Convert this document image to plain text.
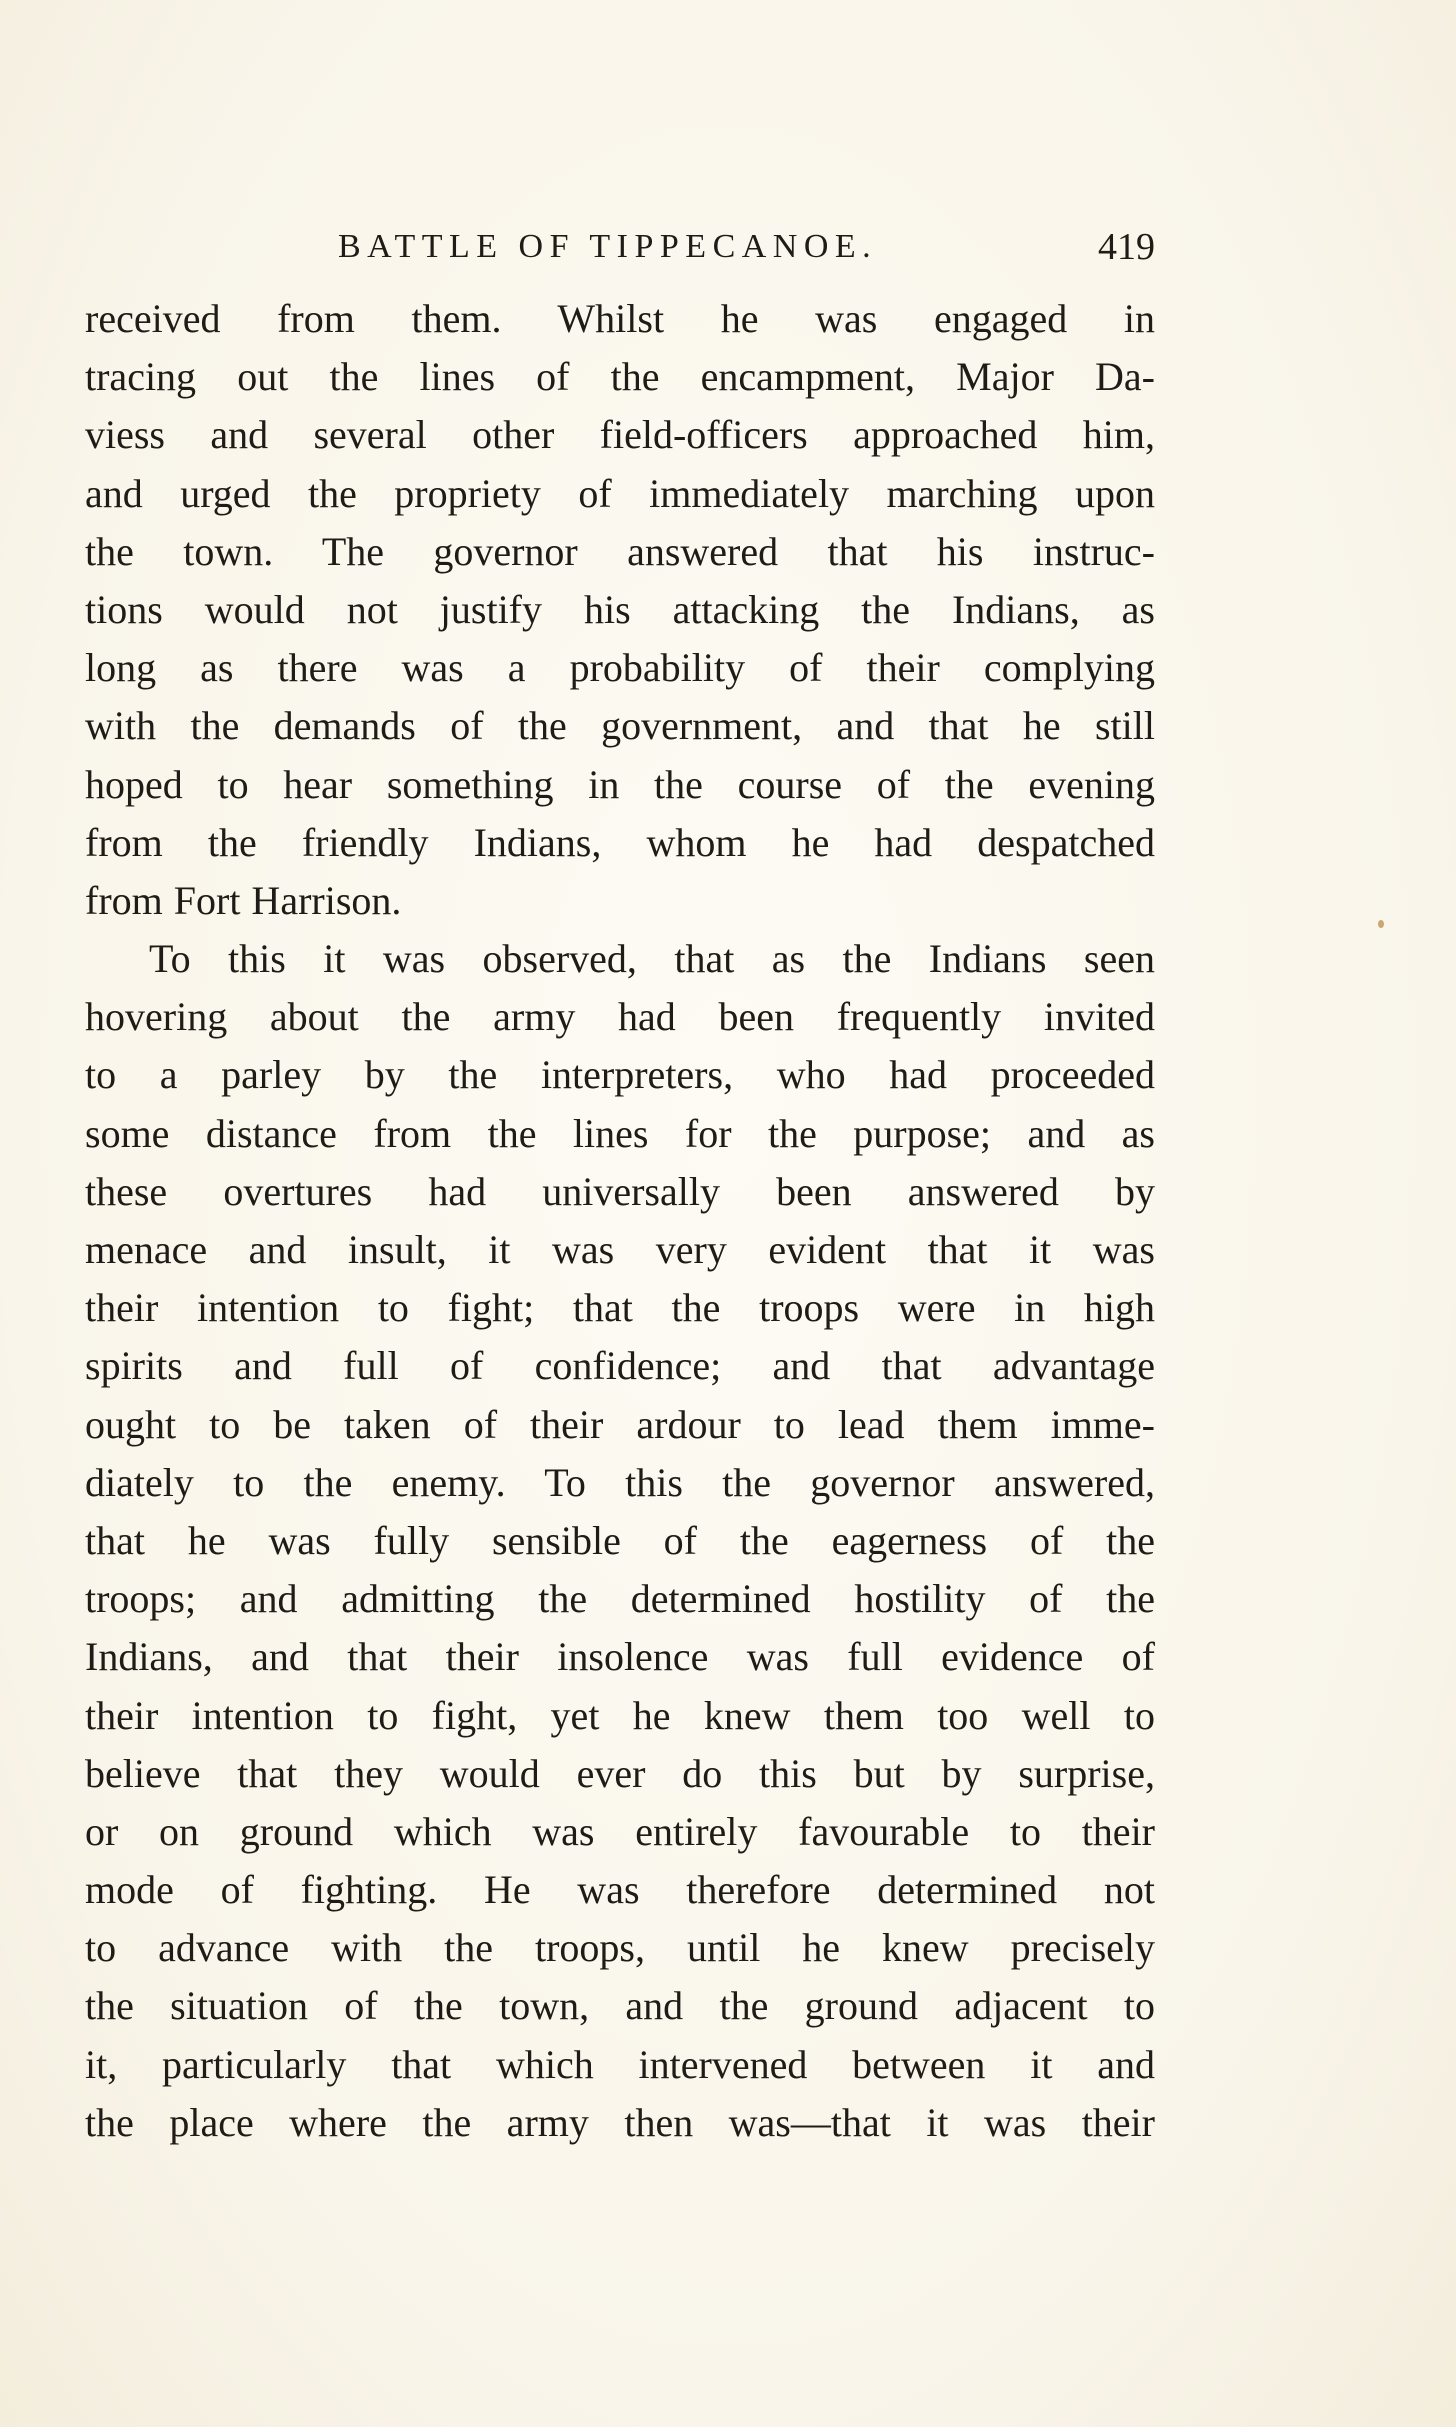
BATTLE OF TIPPECANOE.	419
received from them. Whilst he was engaged in
tracing out the lines of the encampment, Major Da-
viess and several other field-officers approached him,
and urged the propriety of immediately marching upon
the town. The governor answered that his instruc-
tions would not justify his attacking the Indians, as
long as there was a probability of their complying
with the demands of the government, and that he still
hoped to hear something in the course of the evening
from the friendly Indians, whom he had despatched
from Fort Harrison.
To this it was observed, that as the Indians seen
hovering about the army had been frequently invited
to a parley by the interpreters, who had proceeded
some distance from the lines for the purpose; and as
these overtures had universally been answered by
menace and insult, it was very evident that it was
their intention to fight; that the troops were in high
spirits and full of confidence; and that advantage
ought to be taken of their ardour to lead them imme-
diately to the enemy. To this the governor answered,
that he was fully sensible of the eagerness of the
troops; and admitting the determined hostility of the
Indians, and that their insolence was full evidence of
their intention to fight, yet he knew them too well to
believe that they would ever do this but by surprise,
or on ground which was entirely favourable to their
mode of fighting. He was therefore determined not
to advance with the troops, until he knew precisely
the situation of the town, and the ground adjacent to
it, particularly that which intervened between it and
the place where the army then was—that it was their
